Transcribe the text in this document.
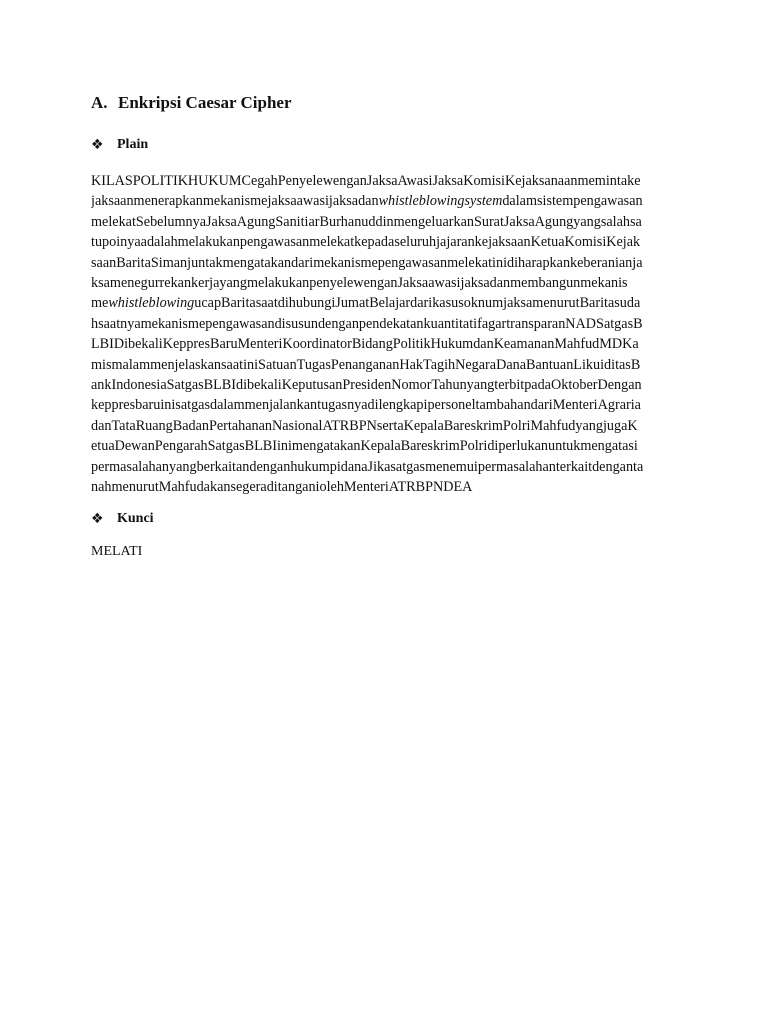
A. Enkripsi Caesar Cipher
❖ Plain

KILASPOLITIKHUKUMCegahPenyelewenganJaksaAwasiJaksaKomisiKejaksanaanmemintake
jaksaanmenerapkanmekanismejaksaawasijaksadanwhistleblowingsystemdalamsistempengawasan
melekatSebelumnyaJaksaAgungSanitiarBurhanuddinmengeluarkanSuratJaksaAgungyangsalahsa
tupoinyaadalahmelakukanpengawasanmelekatkepadaseluruhjajarankejaksaanKetuaKomisiKejak
saanBaritaSimanjuntakmengatakandarimekanismepengawasanmelekatinidiharapkankeberanianja
ksamenegurrekankerjayangmelakukanpenyelewenganJaksaawasijaksadanmembangunmekanis
mewhistleblowingucapBaritasaatdihubungiJumatBelajardarikasusoknumjaksamenurutBaritasuda
hsaatnyamekanismepengawasandisusundenganpendekatankuantitatifagartransparanNADSatgasB
LBIDibekaliKeppresBaruMenteriKoordinatorBidangPolitikHukumdanKeamananMahfudMDKa
mismalammenjelaskansaatiniSatuanTugasPenangananHakTagihNegaraDanaBantuanLikuiditasB
ankIndonesiaSatgasBLBIdibekaliKeputusanPresidenNomorTahunyangterbitpadaOktoberDengan
keppresbaruinisatgasdalammenjalankantugasnyadilengkapipersoneltambahandariMenteriAgraria
danTataRuangBadanPertahananNasionalATRBPNsertaKepalaBareskrimPolriMahfudyangjugaK
etuaDewanPengarahSatgasBLBIinimengatakanKepalaBareskrimPolridiperlukanuntukmengatasi
permasalahanyangberkaitandenganhukumpidanaJikasatgasmenemuipermasalahanterkaitdenganta
nahmenurutMahfudakansegeraditanganiolehMenteriATRBPNDEA

❖ Kunci

MELATI
